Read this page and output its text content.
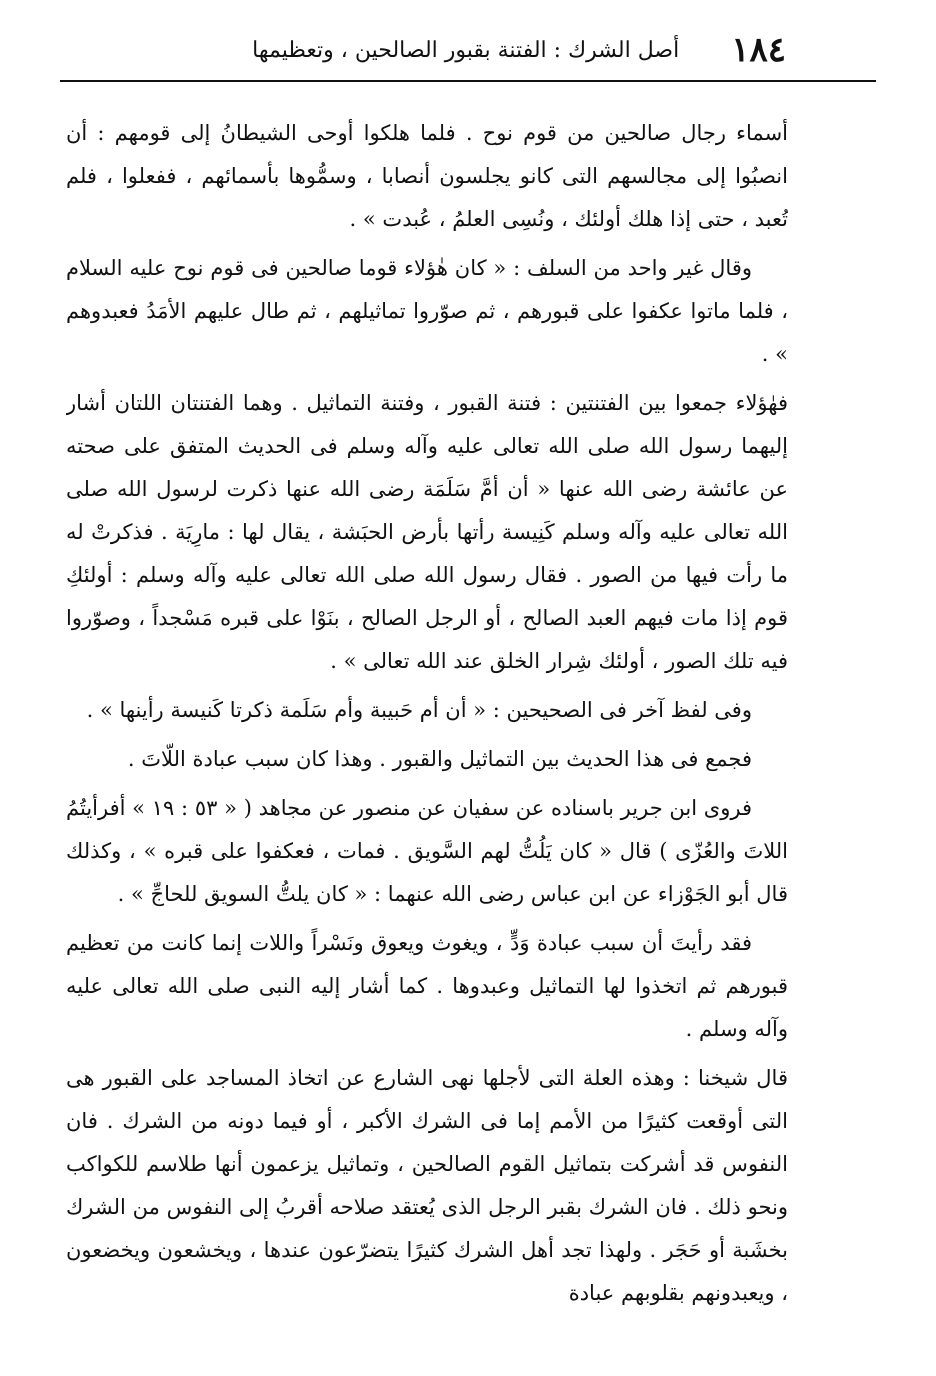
١٨٤
أصل الشرك : الفتنة بقبور الصالحين ، وتعظيمها

أسماء رجال صالحين من قوم نوح . فلما هلكوا أوحى الشيطانُ إلى قومهم : أن انصبُوا إلى مجالسهم التى كانو يجلسون أنصابا ، وسمُّوها بأسمائهم ، ففعلوا ، فلم تُعبد ، حتى إذا هلك أولئك ، ونُسِى العلمُ ، عُبدت » .

وقال غير واحد من السلف : « كان هٰؤلاء قوما صالحين فى قوم نوح عليه السلام ، فلما ماتوا عكفوا على قبورهم ، ثم صوّروا تماثيلهم ، ثم طال عليهم الأمَدُ فعبدوهم » .

فهٰؤلاء جمعوا بين الفتنتين : فتنة القبور ، وفتنة التماثيل . وهما الفتنتان اللتان أشار إليهما رسول الله صلى الله تعالى عليه وآله وسلم فى الحديث المتفق على صحته عن عائشة رضى الله عنها « أن أمَّ سَلَمَة رضى الله عنها ذكرت لرسول الله صلى الله تعالى عليه وآله وسلم كَنِيسة رأتها بأرض الحبَشة ، يقال لها : مارِيَة . فذكرتْ له ما رأت فيها من الصور . فقال رسول الله صلى الله تعالى عليه وآله وسلم : أولئكِ قوم إذا مات فيهم العبد الصالح ، أو الرجل الصالح ، بنَوْا على قبره مَسْجداً ، وصوّروا فيه تلك الصور ، أولئك شِرار الخلق عند الله تعالى » .

وفى لفظ آخر فى الصحيحين : « أن أم حَبيبة وأم سَلَمة ذكرتا كَنيسة رأينها » .

فجمع فى هذا الحديث بين التماثيل والقبور . وهذا كان سبب عبادة اللّاتَ .

فروى ابن جرير باسناده عن سفيان عن منصور عن مجاهد ( « ٥٣ : ١٩ » أفرأيتُمُ اللاتَ والعُزّى ) قال « كان يَلُتُّ لهم السَّويق . فمات ، فعكفوا على قبره » ، وكذلك قال أبو الجَوْزاء عن ابن عباس رضى الله عنهما : « كان يلتُّ السويق للحاجِّ » .

فقد رأيتَ أن سبب عبادة وَدٍّ ، ويغوث ويعوق ونَسْراً واللات إنما كانت من تعظيم قبورهم ثم اتخذوا لها التماثيل وعبدوها . كما أشار إليه النبى صلى الله تعالى عليه وآله وسلم .

قال شيخنا : وهذه العلة التى لأجلها نهى الشارع عن اتخاذ المساجد على القبور هى التى أوقعت كثيرًا من الأمم إما فى الشرك الأكبر ، أو فيما دونه من الشرك . فان النفوس قد أشركت بتماثيل القوم الصالحين ، وتماثيل يزعمون أنها طلاسم للكواكب ونحو ذلك . فان الشرك بقبر الرجل الذى يُعتقد صلاحه أقربُ إلى النفوس من الشرك بخشَبة أو حَجَر . ولهذا تجد أهل الشرك كثيرًا يتضرّعون عندها ، ويخشعون ويخضعون ، ويعبدونهم بقلوبهم عبادة
